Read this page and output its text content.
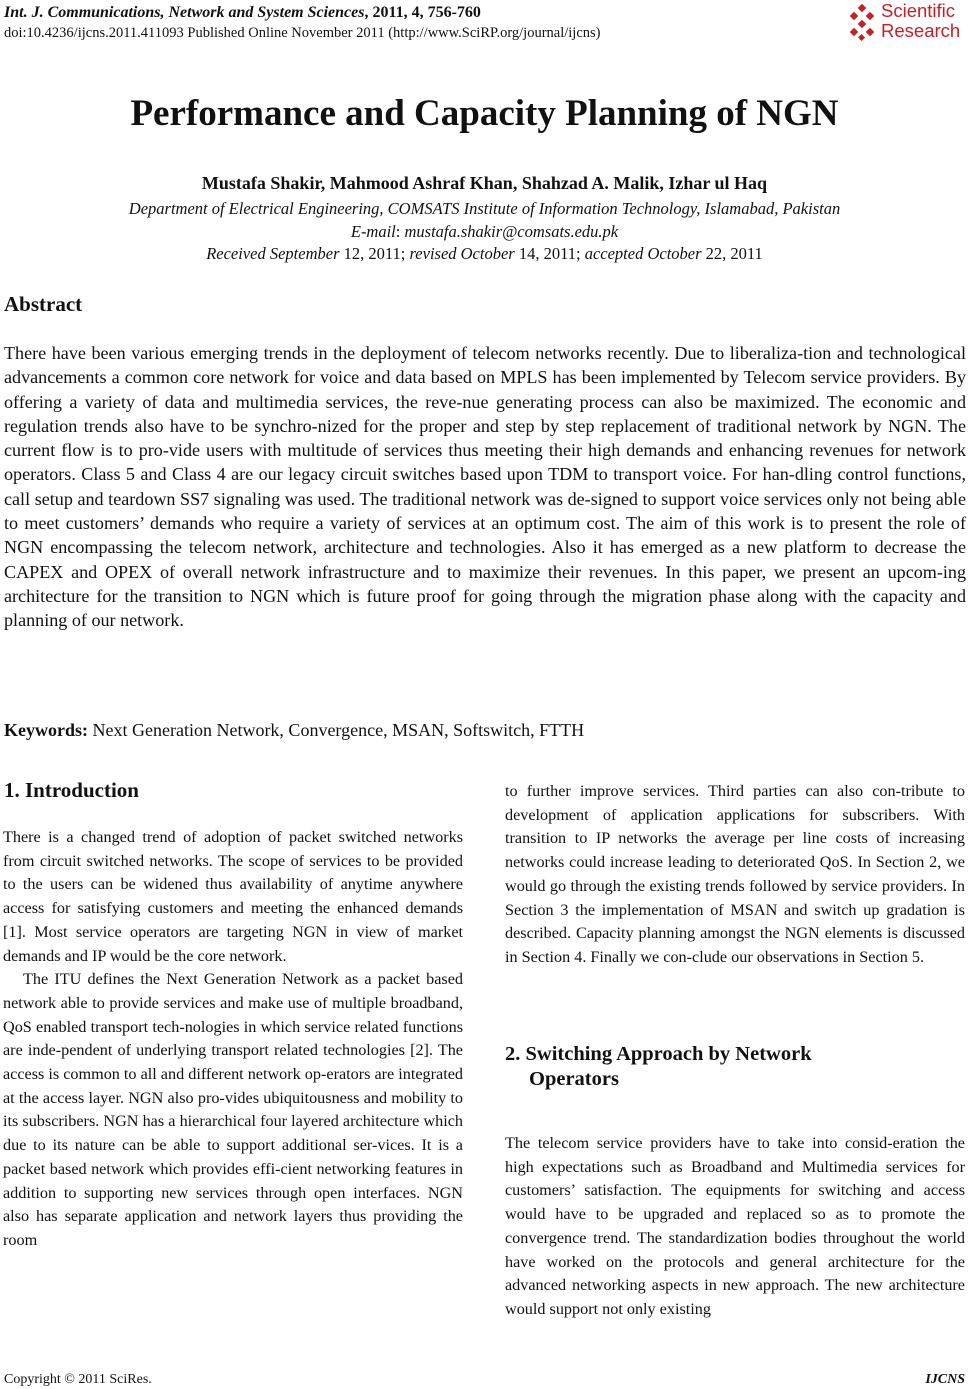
Int. J. Communications, Network and System Sciences, 2011, 4, 756-760
doi:10.4236/ijcns.2011.411093 Published Online November 2011 (http://www.SciRP.org/journal/ijcns)
Scientific
Research
Performance and Capacity Planning of NGN
Mustafa Shakir, Mahmood Ashraf Khan, Shahzad A. Malik, Izhar ul Haq
Department of Electrical Engineering, COMSATS Institute of Information Technology, Islamabad, Pakistan
E-mail: mustafa.shakir@comsats.edu.pk
Received September 12, 2011; revised October 14, 2011; accepted October 22, 2011
Abstract
There have been various emerging trends in the deployment of telecom networks recently. Due to liberaliza-tion and technological advancements a common core network for voice and data based on MPLS has been implemented by Telecom service providers. By offering a variety of data and multimedia services, the reve-nue generating process can also be maximized. The economic and regulation trends also have to be synchro-nized for the proper and step by step replacement of traditional network by NGN. The current flow is to pro-vide users with multitude of services thus meeting their high demands and enhancing revenues for network operators. Class 5 and Class 4 are our legacy circuit switches based upon TDM to transport voice. For han-dling control functions, call setup and teardown SS7 signaling was used. The traditional network was de-signed to support voice services only not being able to meet customers’ demands who require a variety of services at an optimum cost. The aim of this work is to present the role of NGN encompassing the telecom network, architecture and technologies. Also it has emerged as a new platform to decrease the CAPEX and OPEX of overall network infrastructure and to maximize their revenues. In this paper, we present an upcom-ing architecture for the transition to NGN which is future proof for going through the migration phase along with the capacity and planning of our network.
Keywords: Next Generation Network, Convergence, MSAN, Softswitch, FTTH
1. Introduction

There is a changed trend of adoption of packet switched networks from circuit switched networks. The scope of services to be provided to the users can be widened thus availability of anytime anywhere access for satisfying customers and meeting the enhanced demands [1]. Most service operators are targeting NGN in view of market demands and IP would be the core network.

The ITU defines the Next Generation Network as a packet based network able to provide services and make use of multiple broadband, QoS enabled transport tech-nologies in which service related functions are inde-pendent of underlying transport related technologies [2]. The access is common to all and different network op-erators are integrated at the access layer. NGN also pro-vides ubiquitousness and mobility to its subscribers. NGN has a hierarchical four layered architecture which due to its nature can be able to support additional ser-vices. It is a packet based network which provides effi-cient networking features in addition to supporting new services through open interfaces. NGN also has separate application and network layers thus providing the room

to further improve services. Third parties can also con-tribute to development of application applications for subscribers. With transition to IP networks the average per line costs of increasing networks could increase leading to deteriorated QoS. In Section 2, we would go through the existing trends followed by service providers. In Section 3 the implementation of MSAN and switch up gradation is described. Capacity planning amongst the NGN elements is discussed in Section 4. Finally we con-clude our observations in Section 5.

2. Switching Approach by Network
Operators

The telecom service providers have to take into consid-eration the high expectations such as Broadband and Multimedia services for customers’ satisfaction. The equipments for switching and access would have to be upgraded and replaced so as to promote the convergence trend. The standardization bodies throughout the world have worked on the protocols and general architecture for the advanced networking aspects in new approach. The new architecture would support not only existing

Copyright © 2011 SciRes.	IJCNS
